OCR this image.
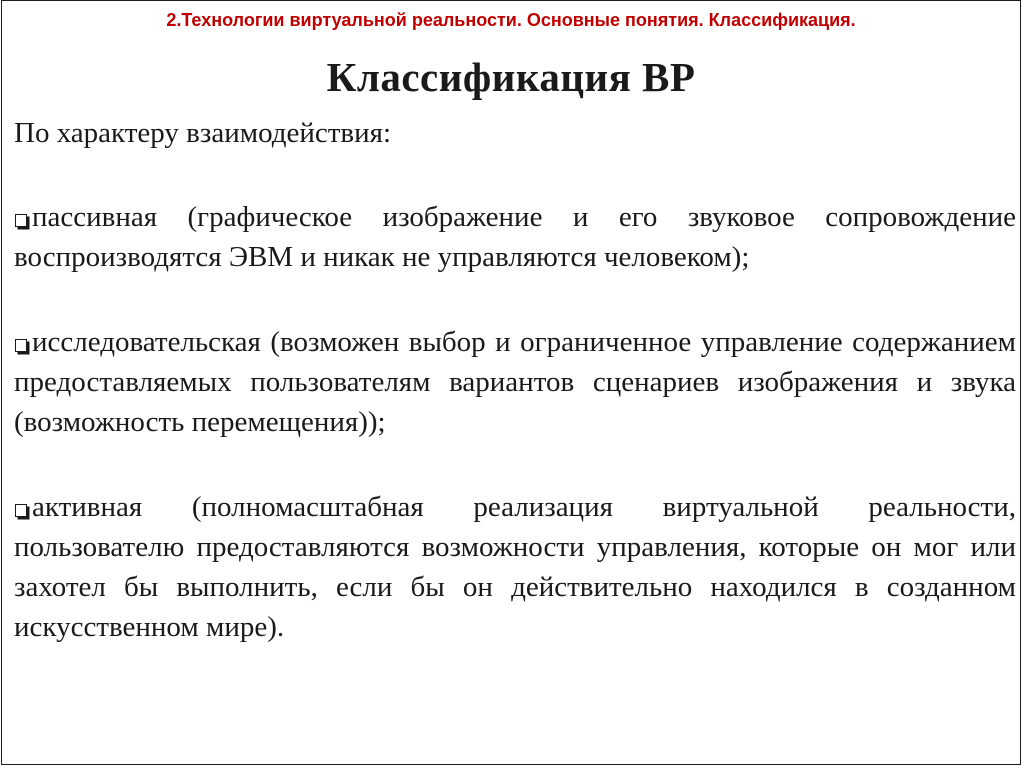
2.Технологии виртуальной реальности. Основные понятия. Классификация.
Классификация ВР

По характеру взаимодействия:

пассивная (графическое изображение и его звуковое сопровождение воспроизводятся ЭВМ и никак не управляются человеком);

исследовательская (возможен выбор и ограниченное управление содержанием предоставляемых пользователям вариантов сценариев изображения и звука (возможность перемещения));

активная (полномасштабная реализация виртуальной реальности, пользователю предоставляются возможности управления, которые он мог или захотел бы выполнить, если бы он действительно находился в созданном искусственном мире).
